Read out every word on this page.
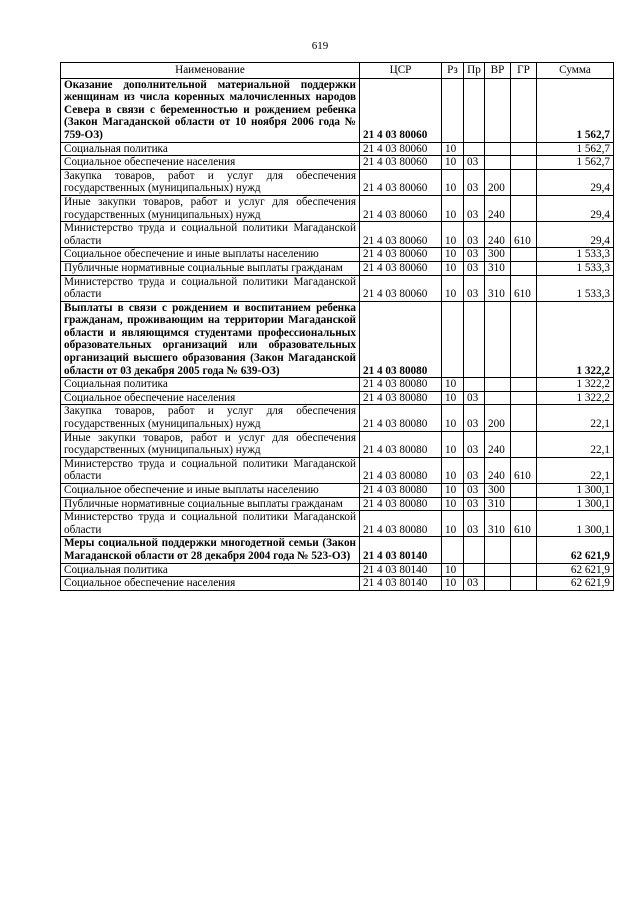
619
Наименование	ЦСР	Рз	Пр	ВР	ГР	Сумма
Оказание дополнительной материальной поддержки женщинам из числа коренных малочисленных народов Севера в связи с беременностью и рождением ребенка (Закон Магаданской области от 10 ноября 2006 года № 759-ОЗ)	21 4 03 80060					1 562,7
Социальная политика	21 4 03 80060	10				1 562,7
Социальное обеспечение населения	21 4 03 80060	10	03			1 562,7
Закупка товаров, работ и услуг для обеспечения государственных (муниципальных) нужд	21 4 03 80060	10	03	200		29,4
Иные закупки товаров, работ и услуг для обеспечения государственных (муниципальных) нужд	21 4 03 80060	10	03	240		29,4
Министерство труда и социальной политики Магаданской области	21 4 03 80060	10	03	240	610	29,4
Социальное обеспечение и иные выплаты населению	21 4 03 80060	10	03	300		1 533,3
Публичные нормативные социальные выплаты гражданам	21 4 03 80060	10	03	310		1 533,3
Министерство труда и социальной политики Магаданской области	21 4 03 80060	10	03	310	610	1 533,3
Выплаты в связи с рождением и воспитанием ребенка гражданам, проживающим на территории Магаданской области и являющимся студентами профессиональных образовательных организаций или образовательных организаций высшего образования (Закон Магаданской области от 03 декабря 2005 года № 639-ОЗ)	21 4 03 80080					1 322,2
Социальная политика	21 4 03 80080	10				1 322,2
Социальное обеспечение населения	21 4 03 80080	10	03			1 322,2
Закупка товаров, работ и услуг для обеспечения государственных (муниципальных) нужд	21 4 03 80080	10	03	200		22,1
Иные закупки товаров, работ и услуг для обеспечения государственных (муниципальных) нужд	21 4 03 80080	10	03	240		22,1
Министерство труда и социальной политики Магаданской области	21 4 03 80080	10	03	240	610	22,1
Социальное обеспечение и иные выплаты населению	21 4 03 80080	10	03	300		1 300,1
Публичные нормативные социальные выплаты гражданам	21 4 03 80080	10	03	310		1 300,1
Министерство труда и социальной политики Магаданской области	21 4 03 80080	10	03	310	610	1 300,1
Меры социальной поддержки многодетной семьи (Закон Магаданской области от 28 декабря 2004 года № 523-ОЗ)	21 4 03 80140					62 621,9
Социальная политика	21 4 03 80140	10				62 621,9
Социальное обеспечение населения	21 4 03 80140	10	03			62 621,9
